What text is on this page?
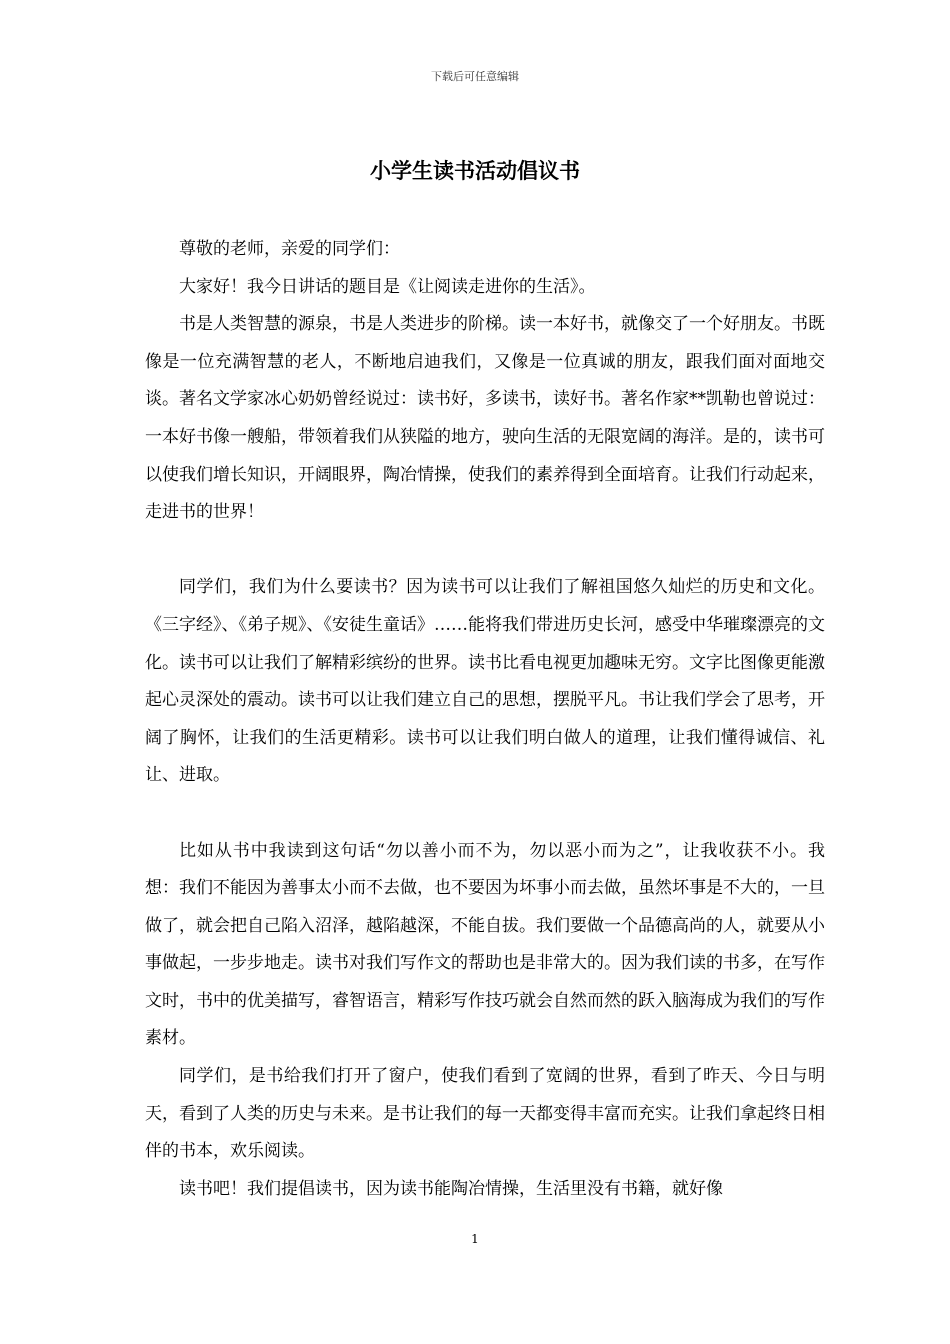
下载后可任意编辑
小学生读书活动倡议书

尊敬的老师，亲爱的同学们：

大家好！我今日讲话的题目是《让阅读走进你的生活》。

书是人类智慧的源泉，书是人类进步的阶梯。读一本好书，就像交了一个好朋友。书既像是一位充满智慧的老人，不断地启迪我们，又像是一位真诚的朋友，跟我们面对面地交谈。著名文学家冰心奶奶曾经说过：读书好，多读书，读好书。著名作家**凯勒也曾说过：一本好书像一艘船，带领着我们从狭隘的地方，驶向生活的无限宽阔的海洋。是的，读书可以使我们增长知识，开阔眼界，陶冶情操，使我们的素养得到全面培育。让我们行动起来，走进书的世界！

同学们，我们为什么要读书？因为读书可以让我们了解祖国悠久灿烂的历史和文化。《三字经》、《弟子规》、《安徒生童话》……能将我们带进历史长河，感受中华璀璨漂亮的文化。读书可以让我们了解精彩缤纷的世界。读书比看电视更加趣味无穷。文字比图像更能激起心灵深处的震动。读书可以让我们建立自己的思想，摆脱平凡。书让我们学会了思考，开阔了胸怀，让我们的生活更精彩。读书可以让我们明白做人的道理，让我们懂得诚信、礼让、进取。

比如从书中我读到这句话“勿以善小而不为，勿以恶小而为之”，让我收获不小。我想：我们不能因为善事太小而不去做，也不要因为坏事小而去做，虽然坏事是不大的，一旦做了，就会把自己陷入沼泽，越陷越深，不能自拔。我们要做一个品德高尚的人，就要从小事做起，一步步地走。读书对我们写作文的帮助也是非常大的。因为我们读的书多，在写作文时，书中的优美描写，睿智语言，精彩写作技巧就会自然而然的跃入脑海成为我们的写作素材。

同学们，是书给我们打开了窗户，使我们看到了宽阔的世界，看到了昨天、今日与明天，看到了人类的历史与未来。是书让我们的每一天都变得丰富而充实。让我们拿起终日相伴的书本，欢乐阅读。

读书吧！我们提倡读书，因为读书能陶冶情操，生活里没有书籍，就好像

1
